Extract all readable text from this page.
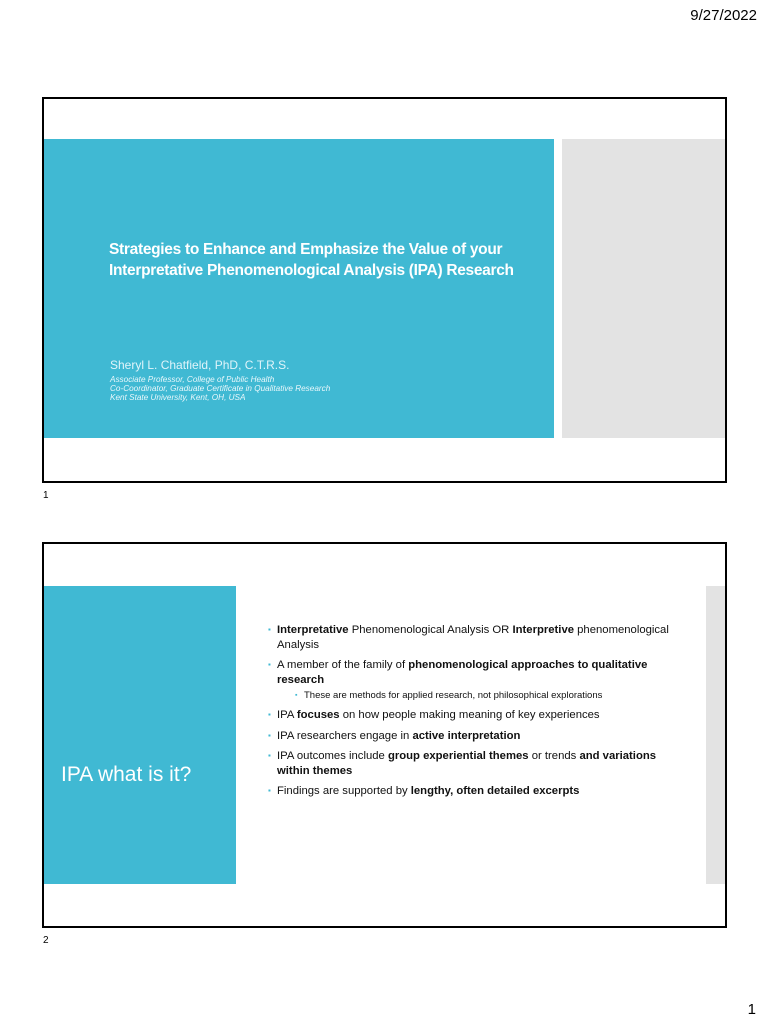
9/27/2022
Strategies to Enhance and Emphasize the Value of your Interpretative Phenomenological Analysis (IPA) Research
Sheryl L. Chatfield, PhD, C.T.R.S.
Associate Professor, College of Public Health
Co-Coordinator, Graduate Certificate in Qualitative Research
Kent State University, Kent, OH, USA
1
IPA what is it?
▪ Interpretative Phenomenological Analysis OR Interpretive phenomenological Analysis
▪ A member of the family of phenomenological approaches to qualitative research
▪ These are methods for applied research, not philosophical explorations
▪ IPA focuses on how people making meaning of key experiences
▪ IPA researchers engage in active interpretation
▪ IPA outcomes include group experiential themes or trends and variations within themes
▪ Findings are supported by lengthy, often detailed excerpts
2
1
